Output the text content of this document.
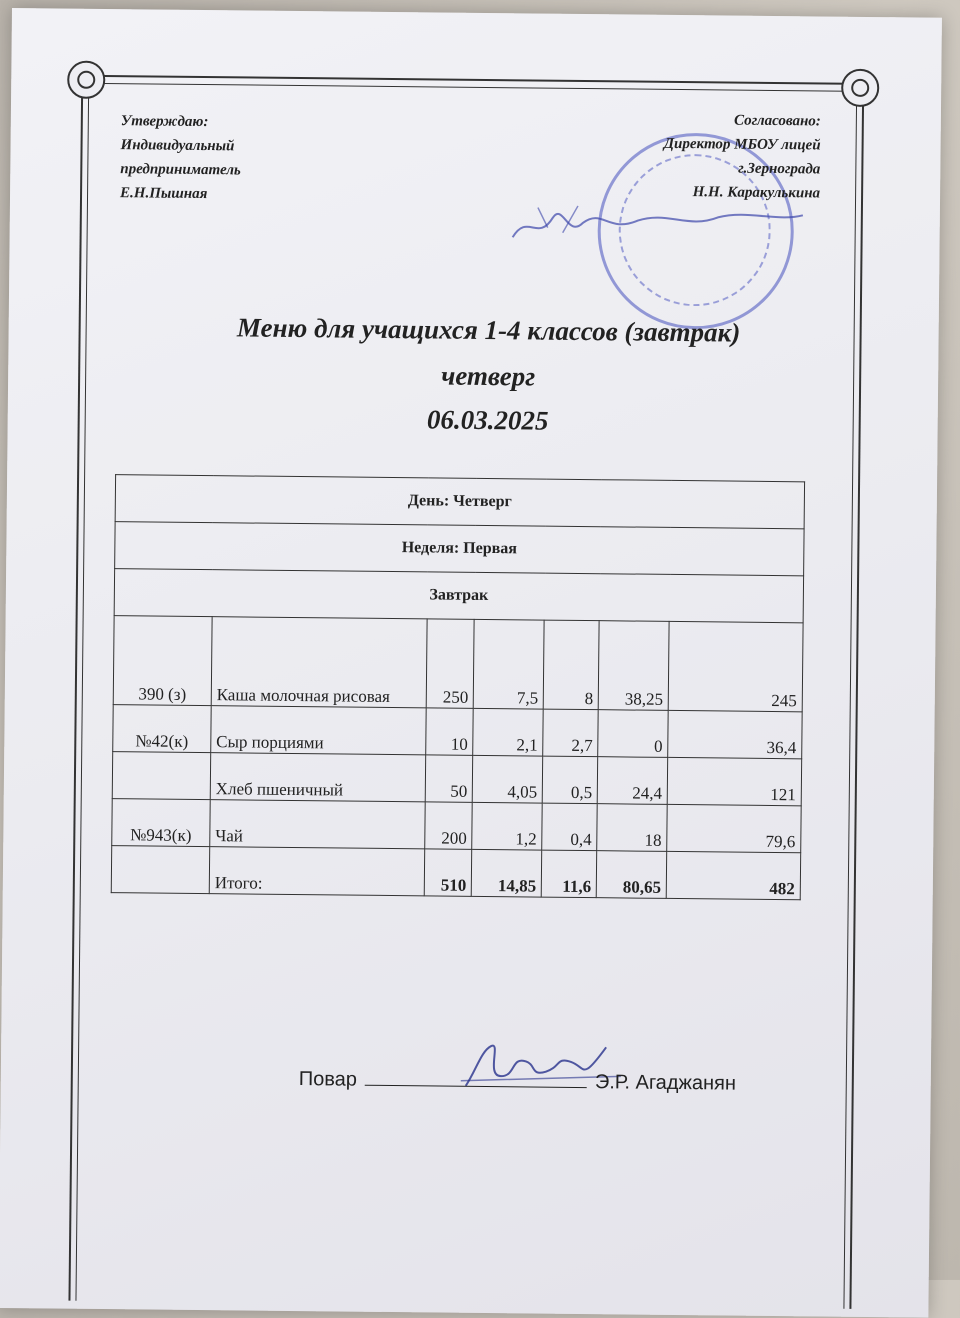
Утверждаю:
Индивидуальный
предприниматель
Е.Н.Пышная
Согласовано:
Директор МБОУ лицей
г.Зернограда
Н.Н. Каракулькина
Меню для учащихся 1-4 классов (завтрак)
четверг
06.03.2025
День: Четверг						
Неделя: Первая						
Завтрак						
390 (з)	Каша молочная рисовая	250	7,5	8	38,25	245
№42(к)	Сыр порциями	10	2,1	2,7	0	36,4
	Хлеб пшеничный	50	4,05	0,5	24,4	121
№943(к)	Чай	200	1,2	0,4	18	79,6
	Итого:	510	14,85	11,6	80,65	482
Повар	Э.Р. Агаджанян
